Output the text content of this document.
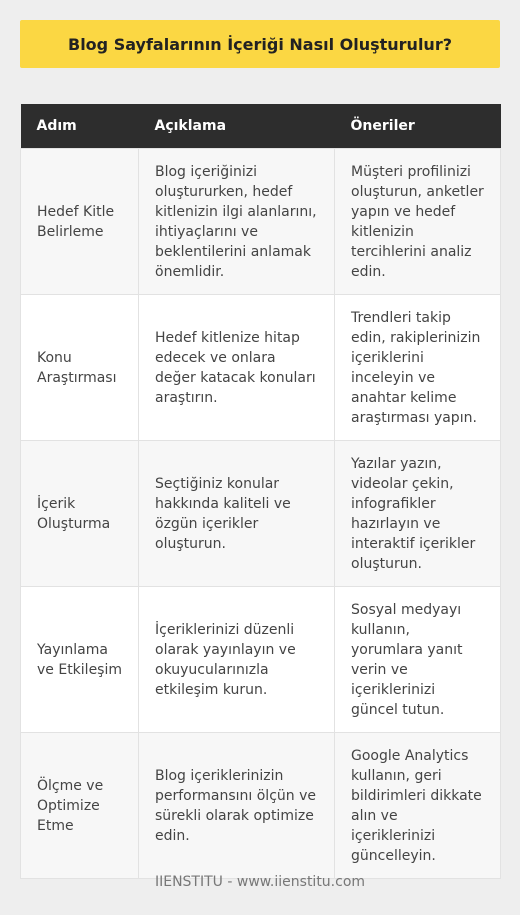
Blog Sayfalarının İçeriği Nasıl Oluşturulur?
Adım	Açıklama	Öneriler
Hedef Kitle Belirleme	Blog içeriğinizi oluştururken, hedef kitlenizin ilgi alanlarını, ihtiyaçlarını ve beklentilerini anlamak önemlidir.	Müşteri profilinizi oluşturun, anketler yapın ve hedef kitlenizin tercihlerini analiz edin.
Konu Araştırması	Hedef kitlenize hitap edecek ve onlara değer katacak konuları araştırın.	Trendleri takip edin, rakiplerinizin içeriklerini inceleyin ve anahtar kelime araştırması yapın.
İçerik Oluşturma	Seçtiğiniz konular hakkında kaliteli ve özgün içerikler oluşturun.	Yazılar yazın, videolar çekin, infografikler hazırlayın ve interaktif içerikler oluşturun.
Yayınlama ve Etkileşim	İçeriklerinizi düzenli olarak yayınlayın ve okuyucularınızla etkileşim kurun.	Sosyal medyayı kullanın, yorumlara yanıt verin ve içeriklerinizi güncel tutun.
Ölçme ve Optimize Etme	Blog içeriklerinizin performansını ölçün ve sürekli olarak optimize edin.	Google Analytics kullanın, geri bildirimleri dikkate alın ve içeriklerinizi güncelleyin.
IIENSTITU - www.iienstitu.com
